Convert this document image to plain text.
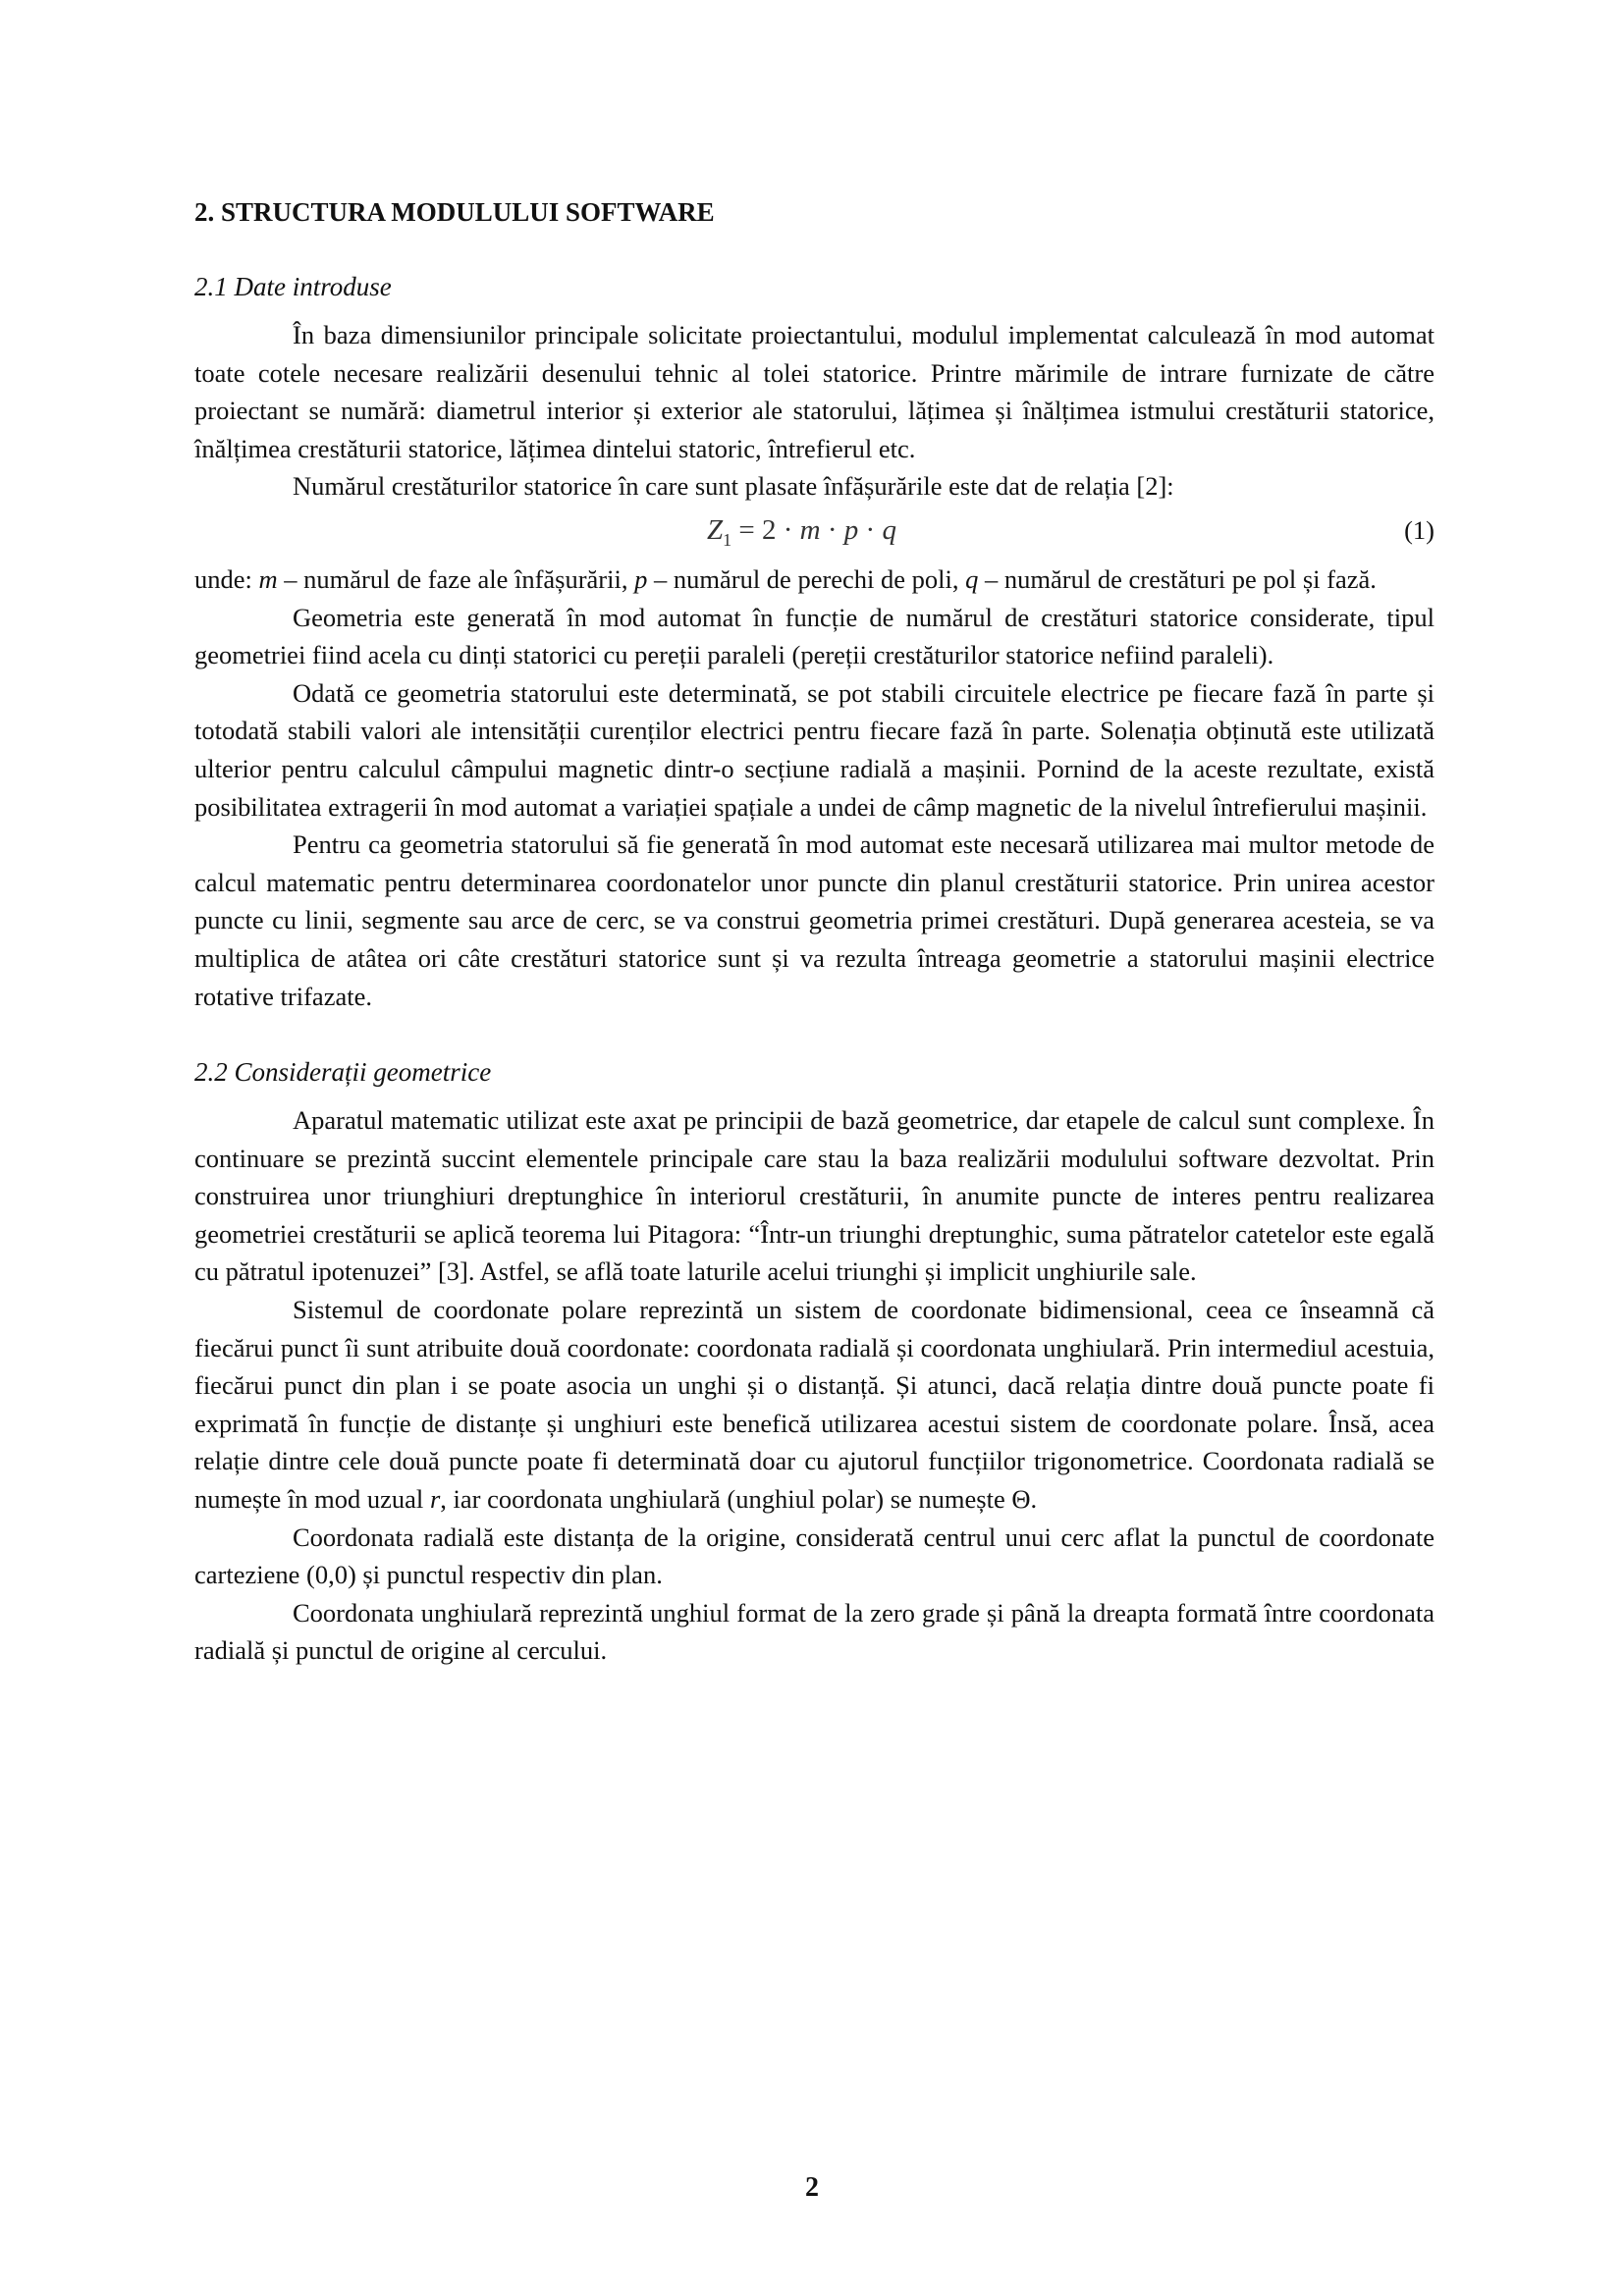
2. STRUCTURA MODULULUI SOFTWARE
2.1 Date introduse

În baza dimensiunilor principale solicitate proiectantului, modulul implementat calculează în mod automat toate cotele necesare realizării desenului tehnic al tolei statorice. Printre mărimile de intrare furnizate de către proiectant se numără: diametrul interior și exterior ale statorului, lățimea și înălțimea istmului crestăturii statorice, înălțimea crestăturii statorice, lățimea dintelui statoric, întrefierul etc.

Numărul crestăturilor statorice în care sunt plasate înfășurările este dat de relația [2]:

$Z_1 = 2 \cdot m \cdot p \cdot q$	(1)

unde: m – numărul de faze ale înfășurării, p – numărul de perechi de poli, q – numărul de crestături pe pol și fază.

Geometria este generată în mod automat în funcție de numărul de crestături statorice considerate, tipul geometriei fiind acela cu dinți statorici cu pereții paraleli (pereții crestăturilor statorice nefiind paraleli).

Odată ce geometria statorului este determinată, se pot stabili circuitele electrice pe fiecare fază în parte și totodată stabili valori ale intensității curenților electrici pentru fiecare fază în parte. Solenația obținută este utilizată ulterior pentru calculul câmpului magnetic dintr-o secțiune radială a mașinii. Pornind de la aceste rezultate, există posibilitatea extragerii în mod automat a variației spațiale a undei de câmp magnetic de la nivelul întrefierului mașinii.

Pentru ca geometria statorului să fie generată în mod automat este necesară utilizarea mai multor metode de calcul matematic pentru determinarea coordonatelor unor puncte din planul crestăturii statorice. Prin unirea acestor puncte cu linii, segmente sau arce de cerc, se va construi geometria primei crestături. După generarea acesteia, se va multiplica de atâtea ori câte crestături statorice sunt și va rezulta întreaga geometrie a statorului mașinii electrice rotative trifazate.

2.2 Considerații geometrice

Aparatul matematic utilizat este axat pe principii de bază geometrice, dar etapele de calcul sunt complexe. În continuare se prezintă succint elementele principale care stau la baza realizării modulului software dezvoltat. Prin construirea unor triunghiuri dreptunghice în interiorul crestăturii, în anumite puncte de interes pentru realizarea geometriei crestăturii se aplică teorema lui Pitagora: “Într-un triunghi dreptunghic, suma pătratelor catetelor este egală cu pătratul ipotenuzei” [3]. Astfel, se află toate laturile acelui triunghi și implicit unghiurile sale.

Sistemul de coordonate polare reprezintă un sistem de coordonate bidimensional, ceea ce înseamnă că fiecărui punct îi sunt atribuite două coordonate: coordonata radială și coordonata unghiulară. Prin intermediul acestuia, fiecărui punct din plan i se poate asocia un unghi și o distanță. Și atunci, dacă relația dintre două puncte poate fi exprimată în funcție de distanțe și unghiuri este benefică utilizarea acestui sistem de coordonate polare. Însă, acea relație dintre cele două puncte poate fi determinată doar cu ajutorul funcțiilor trigonometrice. Coordonata radială se numește în mod uzual r, iar coordonata unghiulară (unghiul polar) se numește Θ.

Coordonata radială este distanța de la origine, considerată centrul unui cerc aflat la punctul de coordonate carteziene (0,0) și punctul respectiv din plan.

Coordonata unghiulară reprezintă unghiul format de la zero grade și până la dreapta formată între coordonata radială și punctul de origine al cercului.

2
